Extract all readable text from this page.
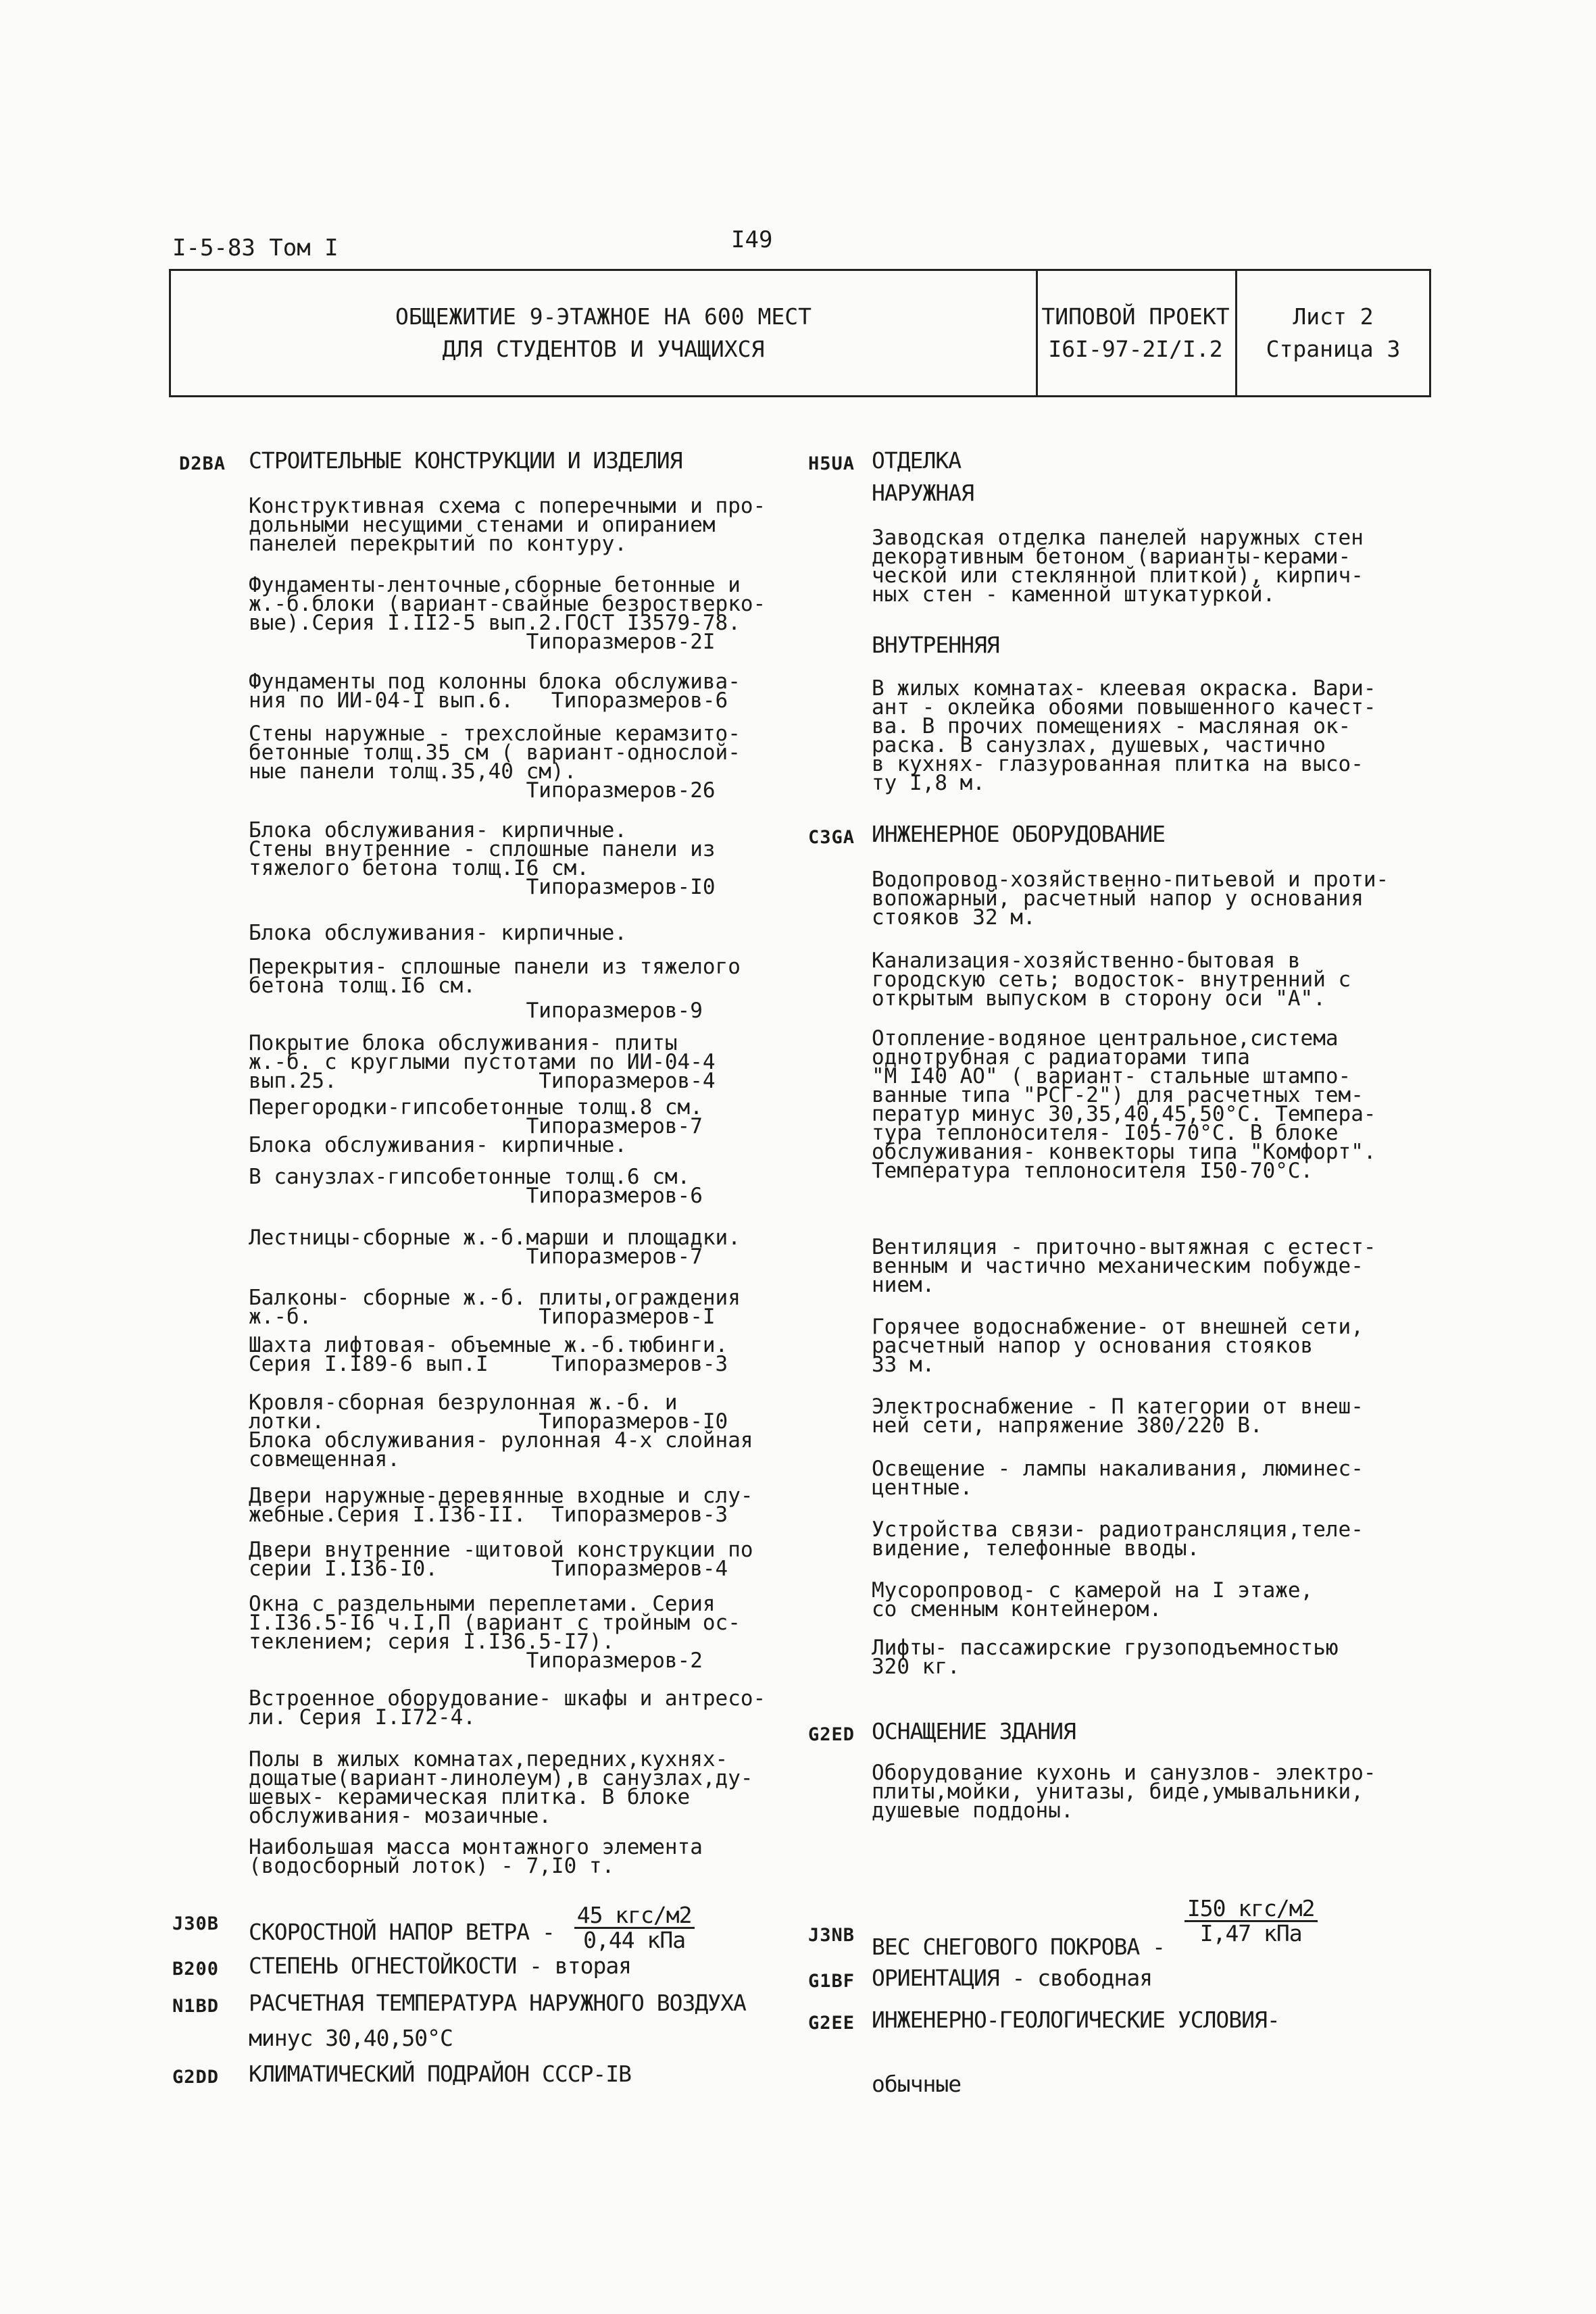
I-5-83 Том I	I49
ОБЩЕЖИТИЕ 9-ЭТАЖНОЕ НА 600 МЕСТ
ДЛЯ СТУДЕНТОВ И УЧАЩИХСЯ
ТИПОВОЙ ПРОЕКТ
I6I-97-2I/I.2
Лист 2
Страница 3
D2BA СТРОИТЕЛЬНЫЕ КОНСТРУКЦИИ И ИЗДЕЛИЯ
Конструктивная схема с поперечными и про-
дольными несущими стенами и опиранием
панелей перекрытий по контуру.
Фундаменты-ленточные,сборные бетонные и
ж.-б.блоки (вариант-свайные безростверко-
вые).Серия I.II2-5 вып.2.ГОСТ I3579-78.
Типоразмеров-2I
Фундаменты под колонны блока обслужива-
ния по ИИ-04-I вып.6.   Типоразмеров-6
Стены наружные - трехслойные керамзито-
бетонные толщ.35 см ( вариант-однослой-
ные панели толщ.35,40 см).
Типоразмеров-26
Блока обслуживания- кирпичные.
Стены внутренние - сплошные панели из
тяжелого бетона толщ.I6 см.
Типоразмеров-I0
Блока обслуживания- кирпичные.
Перекрытия- сплошные панели из тяжелого
бетона толщ.I6 см.
Типоразмеров-9
Покрытие блока обслуживания- плиты
ж.-б. с круглыми пустотами по ИИ-04-4
вып.25.                Типоразмеров-4
Перегородки-гипсобетонные толщ.8 см.
Типоразмеров-7
Блока обслуживания- кирпичные.
В санузлах-гипсобетонные толщ.6 см.
Типоразмеров-6
Лестницы-сборные ж.-б.марши и площадки.
Типоразмеров-7
Балконы- сборные ж.-б. плиты,ограждения
ж.-б.                  Типоразмеров-I
Шахта лифтовая- объемные ж.-б.тюбинги.
Серия I.I89-6 вып.I     Типоразмеров-3
Кровля-сборная безрулонная ж.-б. и
лотки.                 Типоразмеров-I0
Блока обслуживания- рулонная 4-х слойная
совмещенная.
Двери наружные-деревянные входные и слу-
жебные.Серия I.I36-II.  Типоразмеров-3
Двери внутренние -щитовой конструкции по
серии I.I36-I0.         Типоразмеров-4
Окна с раздельными переплетами. Серия
I.I36.5-I6 ч.I,П (вариант с тройным ос-
теклением; серия I.I36.5-I7).
Типоразмеров-2
Встроенное оборудование- шкафы и антресо-
ли. Серия I.I72-4.
Полы в жилых комнатах,передних,кухнях-
дощатые(вариант-линолеум),в санузлах,ду-
шевых- керамическая плитка. В блоке
обслуживания- мозаичные.
Наибольшая масса монтажного элемента
(водосборный лоток) - 7,I0 т.
J30B СКОРОСТНОЙ НАПОР ВЕТРА - $\frac{\text{45 кгс/м2}}{\text{0,44 кПа}}$
B200 СТЕПЕНЬ ОГНЕСТОЙКОСТИ - вторая
N1BD РАСЧЕТНАЯ ТЕМПЕРАТУРА НАРУЖНОГО ВОЗДУХА
минус 30,40,50°С
G2DD КЛИМАТИЧЕСКИЙ ПОДРАЙОН СССР-IВ
H5UA ОТДЕЛКА
НАРУЖНАЯ
Заводская отделка панелей наружных стен
декоративным бетоном (варианты-керами-
ческой или стеклянной плиткой), кирпич-
ных стен - каменной штукатуркой.
ВНУТРЕННЯЯ
В жилых комнатах- клеевая окраска. Вари-
ант - оклейка обоями повышенного качест-
ва. В прочих помещениях - масляная ок-
раска. В санузлах, душевых, частично
в кухнях- глазурованная плитка на высо-
ту I,8 м.
C3GA ИНЖЕНЕРНОЕ ОБОРУДОВАНИЕ
Водопровод-хозяйственно-питьевой и проти-
вопожарный, расчетный напор у основания
стояков 32 м.
Канализация-хозяйственно-бытовая в
городскую сеть; водосток- внутренний с
открытым выпуском в сторону оси "А".
Отопление-водяное центральное,система
однотрубная с радиаторами типа
"М I40 АО" ( вариант- стальные штампо-
ванные типа "РСГ-2") для расчетных тем-
ператур минус 30,35,40,45,50°С. Темпера-
тура теплоносителя- I05-70°С. В блоке
обслуживания- конвекторы типа "Комфорт".
Температура теплоносителя I50-70°С.
Вентиляция - приточно-вытяжная с естест-
венным и частично механическим побужде-
нием.
Горячее водоснабжение- от внешней сети,
расчетный напор у основания стояков
33 м.
Электроснабжение - П категории от внеш-
ней сети, напряжение 380/220 В.
Освещение - лампы накаливания, люминес-
центные.
Устройства связи- радиотрансляция,теле-
видение, телефонные вводы.
Мусоропровод- с камерой на I этаже,
со сменным контейнером.
Лифты- пассажирские грузоподъемностью
320 кг.
G2ED ОСНАЩЕНИЕ ЗДАНИЯ
Оборудование кухонь и санузлов- электро-
плиты,мойки, унитазы, биде,умывальники,
душевые поддоны.
J3NB ВЕС СНЕГОВОГО ПОКРОВА -
$\frac{\text{I50 кгс/м2}}{\text{I,47 кПа}}$
G1BF ОРИЕНТАЦИЯ - свободная
G2EE ИНЖЕНЕРНО-ГЕОЛОГИЧЕСКИЕ УСЛОВИЯ-
обычные
